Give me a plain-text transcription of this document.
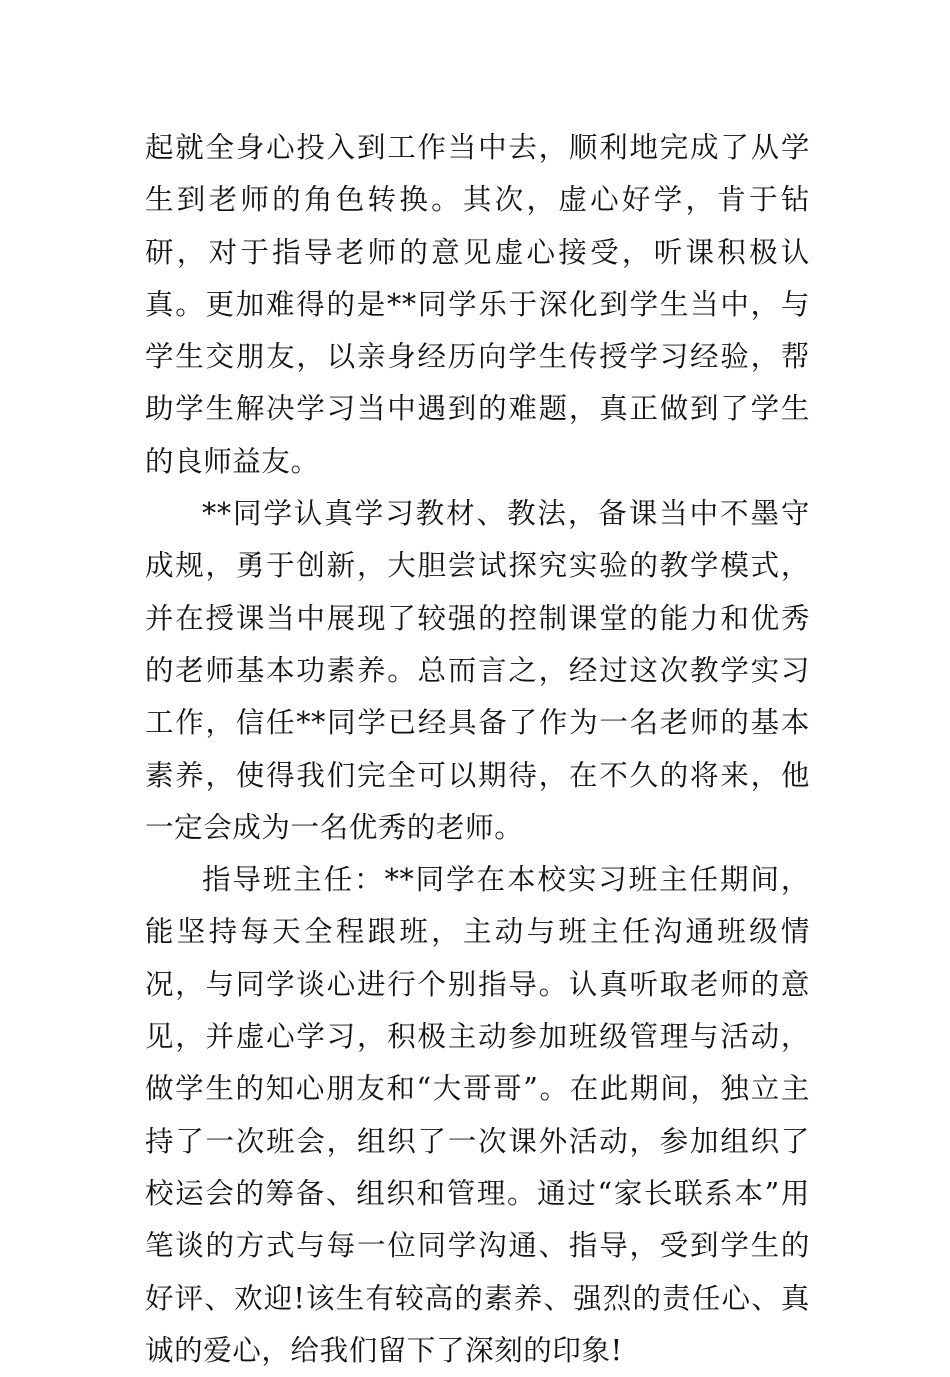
起就全身心投入到工作当中去，顺利地完成了从学生到老师的角色转换。其次，虚心好学，肯于钻研，对于指导老师的意见虚心接受，听课积极认真。更加难得的是**同学乐于深化到学生当中，与学生交朋友，以亲身经历向学生传授学习经验，帮助学生解决学习当中遇到的难题，真正做到了学生的良师益友。

**同学认真学习教材、教法，备课当中不墨守成规，勇于创新，大胆尝试探究实验的教学模式，并在授课当中展现了较强的控制课堂的能力和优秀的老师基本功素养。总而言之，经过这次教学实习工作，信任**同学已经具备了作为一名老师的基本素养，使得我们完全可以期待，在不久的将来，他一定会成为一名优秀的老师。

指导班主任：**同学在本校实习班主任期间，能坚持每天全程跟班，主动与班主任沟通班级情况，与同学谈心进行个别指导。认真听取老师的意见，并虚心学习，积极主动参加班级管理与活动，做学生的知心朋友和“大哥哥”。在此期间，独立主持了一次班会，组织了一次课外活动，参加组织了校运会的筹备、组织和管理。通过“家长联系本”用笔谈的方式与每一位同学沟通、指导，受到学生的好评、欢迎!该生有较高的素养、强烈的责任心、真诚的爱心，给我们留下了深刻的印象!
